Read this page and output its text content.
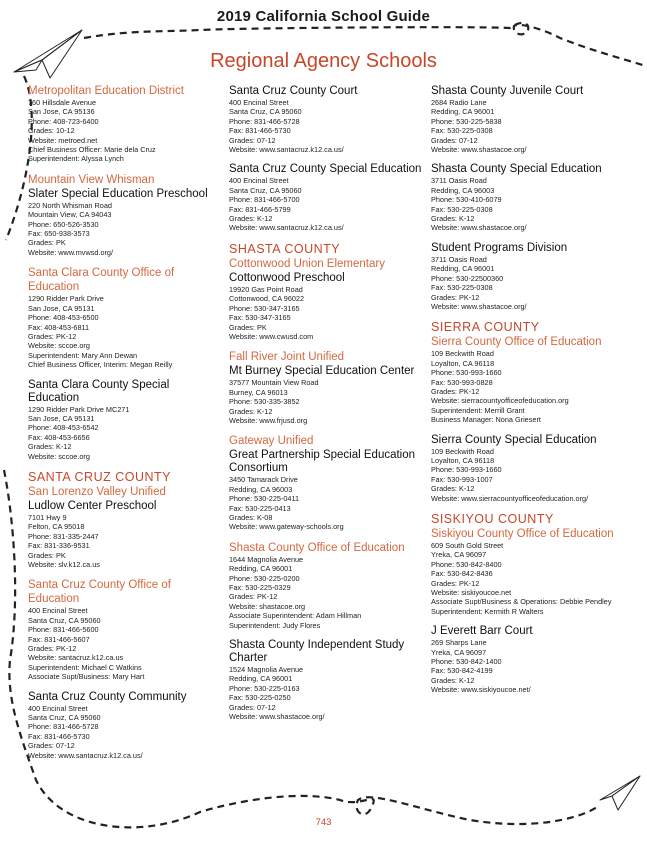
2019 California School Guide
Regional Agency Schools
Metropolitan Education District
760 Hillsdale Avenue
San Jose, CA 95136
Phone: 408-723-6400
Grades: 10-12
Website: metroed.net
Chief Business Officer: Marie dela Cruz
Superintendent: Alyssa Lynch
Mountain View Whisman
Slater Special Education Preschool
220 North Whisman Road
Mountain View, CA 94043
Phone: 650-526-3530
Fax: 650-938-3573
Grades: PK
Website: www.mvwsd.org/
Santa Clara County Office of Education
1290 Ridder Park Drive
San Jose, CA 95131
Phone: 408-453-6500
Fax: 408-453-6811
Grades: PK-12
Website: sccoe.org
Superintendent: Mary Ann Dewan
Chief Business Officer, Interim: Megan Reilly
Santa Clara County Special Education
1290 Ridder Park Drive MC271
San Jose, CA 95131
Phone: 408-453-6542
Fax: 408-453-6656
Grades: K-12
Website: sccoe.org
SANTA CRUZ COUNTY
San Lorenzo Valley Unified
Ludlow Center Preschool
7101 Hwy 9
Felton, CA 95018
Phone: 831-335-2447
Fax: 831-336-9531
Grades: PK
Website: slv.k12.ca.us
Santa Cruz County Office of Education
400 Encinal Street
Santa Cruz, CA 95060
Phone: 831-466-5600
Fax: 831-466-5607
Grades: PK-12
Website: santacruz.k12.ca.us
Superintendent: Michael C Watkins
Associate Supt/Business: Mary Hart
Santa Cruz County Community
400 Encinal Street
Santa Cruz, CA 95060
Phone: 831-466-5728
Fax: 831-466-5730
Grades: 07-12
Website: www.santacruz.k12.ca.us/
Santa Cruz County Court
400 Encinal Street
Santa Cruz, CA 95060
Phone: 831-466-5728
Fax: 831-466-5730
Grades: 07-12
Website: www.santacruz.k12.ca.us/
Santa Cruz County Special Education
400 Encinal Street
Santa Cruz, CA 95060
Phone: 831-466-5700
Fax: 831-466-5799
Grades: K-12
Website: www.santacruz.k12.ca.us/
SHASTA COUNTY
Cottonwood Union Elementary
Cottonwood Preschool
19920 Gas Point Road
Cottonwood, CA 96022
Phone: 530-347-3165
Fax: 530-347-3165
Grades: PK
Website: www.cwusd.com
Fall River Joint Unified
Mt Burney Special Education Center
37577 Mountain View Road
Burney, CA 96013
Phone: 530-335-3852
Grades: K-12
Website: www.frjusd.org
Gateway Unified
Great Partnership Special Education Consortium
3450 Tamarack Drive
Redding, CA 96003
Phone: 530-225-0411
Fax: 530-225-0413
Grades: K-08
Website: www.gateway-schools.org
Shasta County Office of Education
1644 Magnolia Avenue
Redding, CA 96001
Phone: 530-225-0200
Fax: 530-225-0329
Grades: PK-12
Website: shastacoe.org
Associate Superintendent: Adam Hillman
Superintendent: Judy Flores
Shasta County Independent Study Charter
1524 Magnolia Avenue
Redding, CA 96001
Phone: 530-225-0163
Fax: 530-225-0250
Grades: 07-12
Website: www.shastacoe.org/
Shasta County Juvenile Court
2684 Radio Lane
Redding, CA 96001
Phone: 530-225-5838
Fax: 530-225-0308
Grades: 07-12
Website: www.shastacoe.org/
Shasta County Special Education
3711 Oasis Road
Redding, CA 96003
Phone: 530-410-6079
Fax: 530-225-0308
Grades: K-12
Website: www.shastacoe.org/
Student Programs Division
3711 Oasis Road
Redding, CA 96001
Phone: 530-22500360
Fax: 530-225-0308
Grades: PK-12
Website: www.shastacoe.org/
SIERRA COUNTY
Sierra County Office of Education
109 Beckwith Road
Loyalton, CA 96118
Phone: 530-993-1660
Fax: 530-993-0828
Grades: PK-12
Website: sierracountyofficeofeducation.org
Superintendent: Merrill Grant
Business Manager: Nona Griesert
Sierra County Special Education
109 Beckwith Road
Loyalton, CA 96118
Phone: 530-993-1660
Fax: 530-993-1007
Grades: K-12
Website: www.sierracountyofficeofeducation.org/
SISKIYOU COUNTY
Siskiyou County Office of Education
609 South Gold Street
Yreka, CA 96097
Phone: 530-842-8400
Fax: 530-842-8436
Grades: PK-12
Website: siskiyoucoe.net
Associate Supt/Business & Operations: Debbie Pendley
Superintendent: Kermith R Walters
J Everett Barr Court
269 Sharps Lane
Yreka, CA 96097
Phone: 530-842-1400
Fax: 530-842-4199
Grades: K-12
Website: www.siskiyoucoe.net/
743
